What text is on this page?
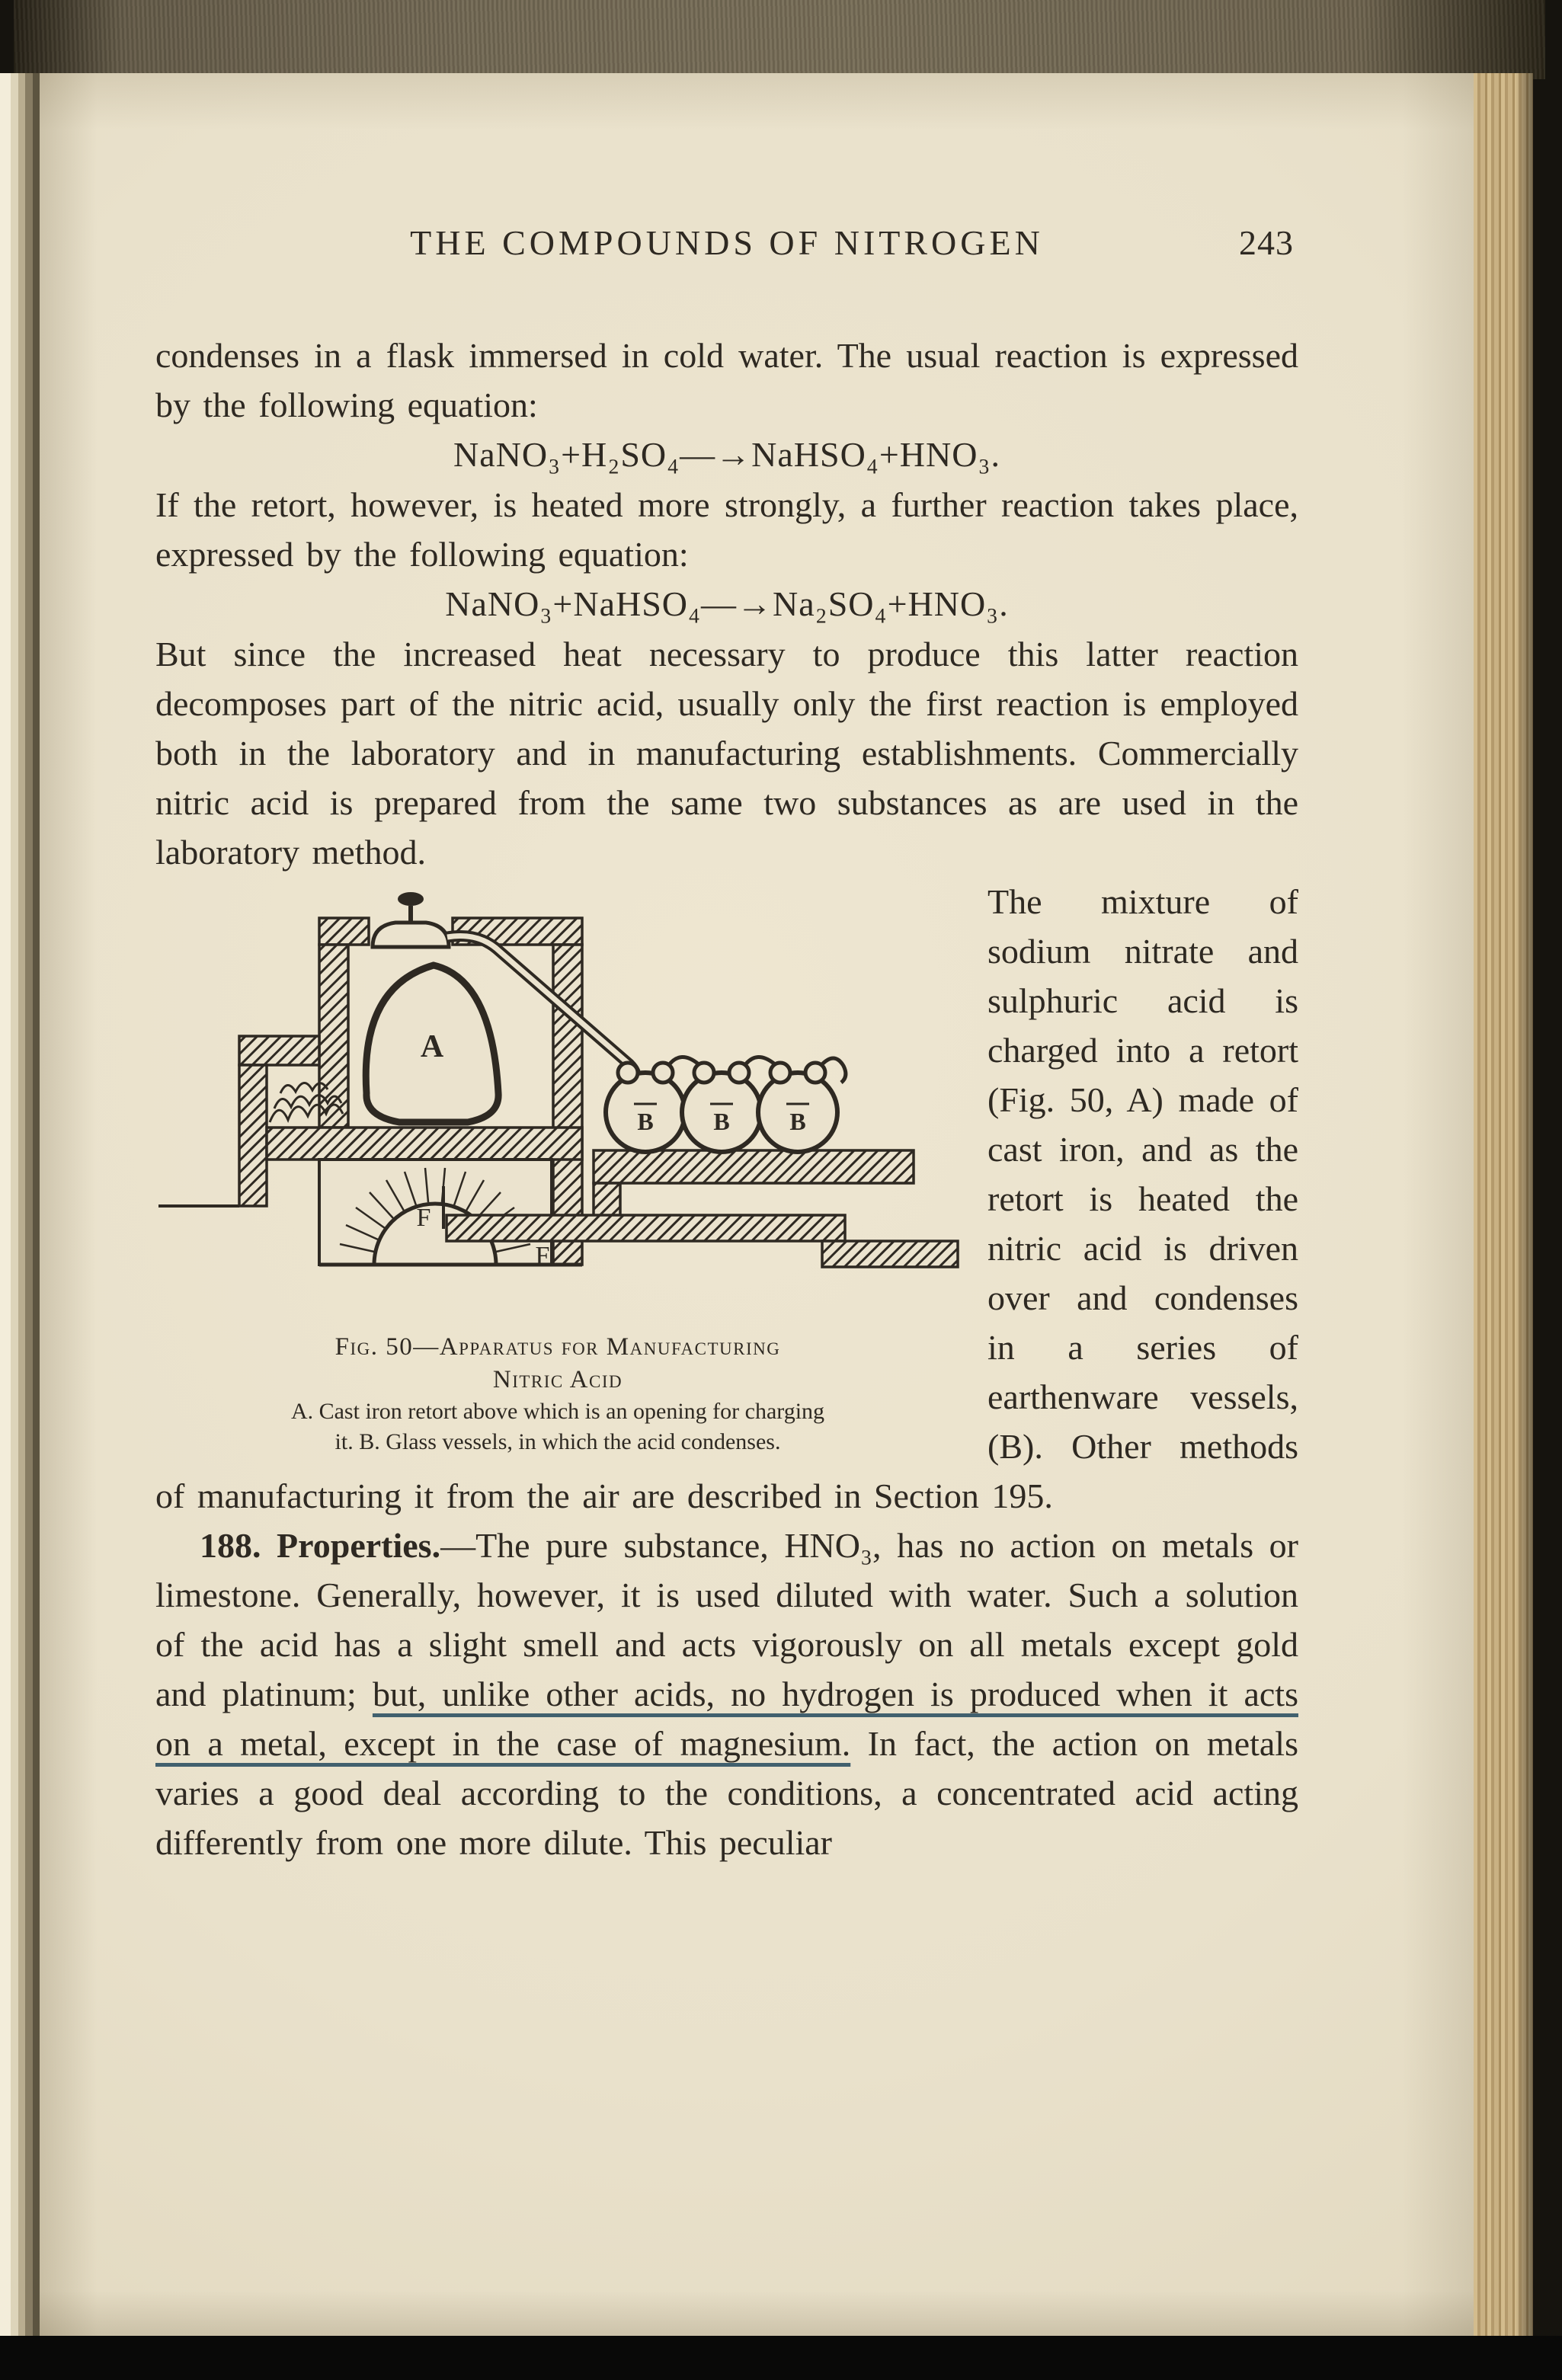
THE COMPOUNDS OF NITROGEN	243

condenses in a flask immersed in cold water. The usual reaction is expressed by the following equation:

NaNO₃+H₂SO₄—→NaHSO₄+HNO₃.

If the retort, however, is heated more strongly, a further reaction takes place, expressed by the following equation:

NaNO₃+NaHSO₄—→Na₂SO₄+HNO₃.

But since the increased heat necessary to produce this latter reaction decomposes part of the nitric acid, usually only the first reaction is employed both in the laboratory and in manufacturing establishments. Commercially nitric acid is prepared from the same two substances as are used in the laboratory method.

A
F
F
B B B
Fig. 50—Apparatus for Manufacturing
Nitric Acid
A. Cast iron retort above which is an opening for charging
it. B. Glass vessels, in which the acid condenses.

The mixture of sodium nitrate and sulphuric acid is charged into a retort (Fig. 50, A) made of cast iron, and as the retort is heated the nitric acid is driven over and condenses in a series of earthenware vessels, (B). Other methods of manufacturing it from the air are described in Section 195.

188. Properties.—The pure substance, HNO₃, has no action on metals or limestone. Generally, however, it is used diluted with water. Such a solution of the acid has a slight smell and acts vigorously on all metals except gold and platinum; but, unlike other acids, no hydrogen is produced when it acts on a metal, except in the case of magnesium. In fact, the action on metals varies a good deal according to the conditions, a concentrated acid acting differently from one more dilute. This peculiar
